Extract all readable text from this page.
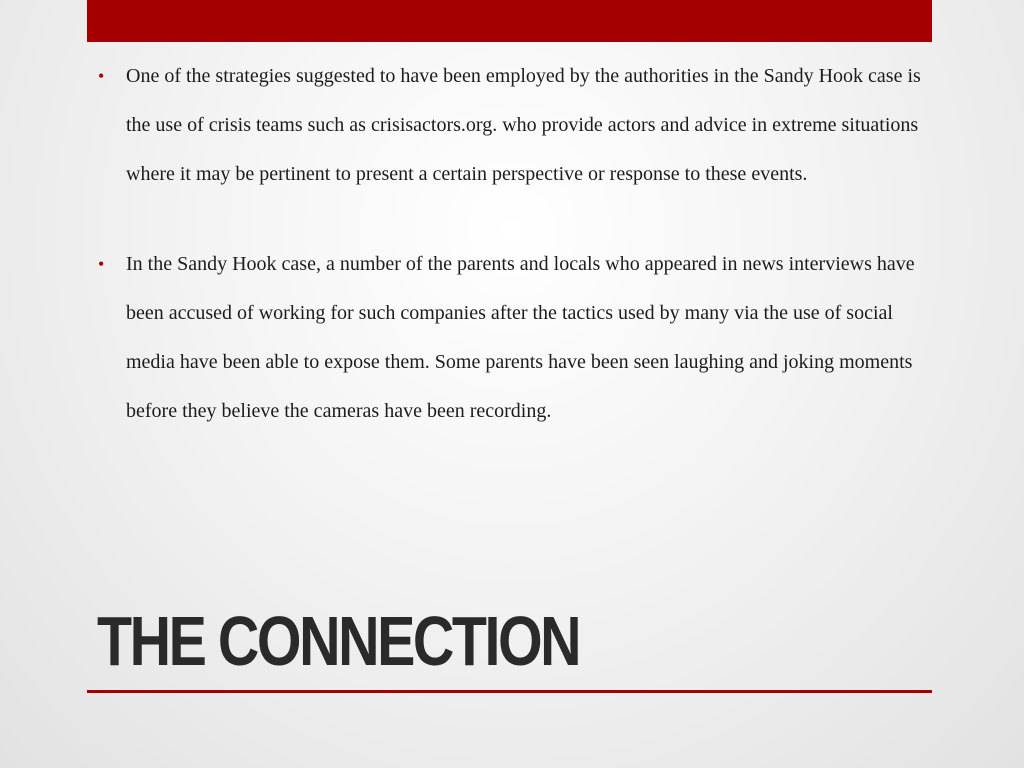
• One of the strategies suggested to have been employed by the authorities in the Sandy Hook case is the use of crisis teams such as crisisactors.org. who provide actors and advice in extreme situations where it may be pertinent to present a certain perspective or response to these events.
• In the Sandy Hook case, a number of the parents and locals who appeared in news interviews have been accused of working for such companies after the tactics used by many via the use of social media have been able to expose them. Some parents have been seen laughing and joking moments before they believe the cameras have been recording.
THE CONNECTION
